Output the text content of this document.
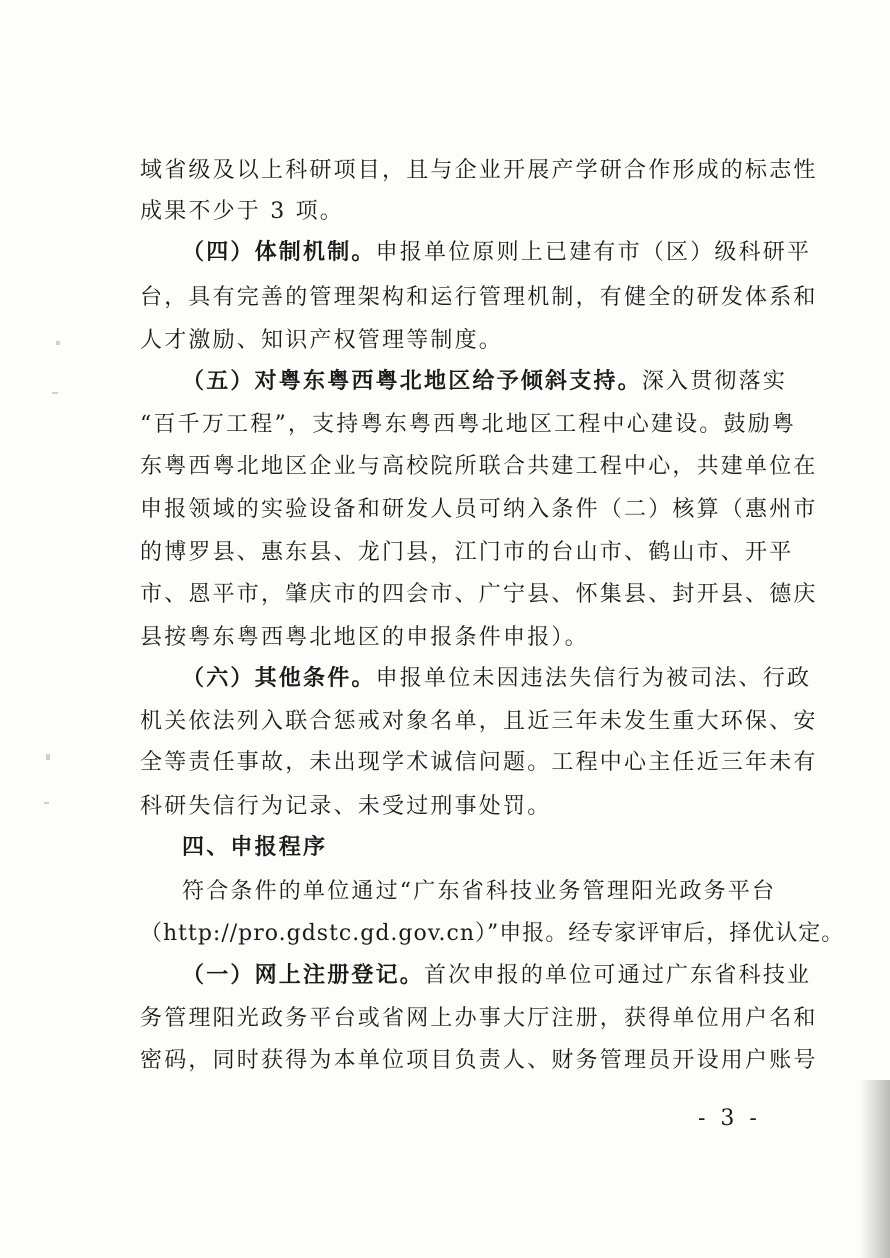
域省级及以上科研项目，且与企业开展产学研合作形成的标志性
成果不少于 3 项。
（四）体制机制。申报单位原则上已建有市（区）级科研平
台，具有完善的管理架构和运行管理机制，有健全的研发体系和
人才激励、知识产权管理等制度。
（五）对粤东粤西粤北地区给予倾斜支持。深入贯彻落实
“百千万工程”，支持粤东粤西粤北地区工程中心建设。鼓励粤
东粤西粤北地区企业与高校院所联合共建工程中心，共建单位在
申报领域的实验设备和研发人员可纳入条件（二）核算（惠州市
的博罗县、惠东县、龙门县，江门市的台山市、鹤山市、开平
市、恩平市，肇庆市的四会市、广宁县、怀集县、封开县、德庆
县按粤东粤西粤北地区的申报条件申报）。
（六）其他条件。申报单位未因违法失信行为被司法、行政
机关依法列入联合惩戒对象名单，且近三年未发生重大环保、安
全等责任事故，未出现学术诚信问题。工程中心主任近三年未有
科研失信行为记录、未受过刑事处罚。
四、申报程序
符合条件的单位通过“广东省科技业务管理阳光政务平台
（http://pro.gdstc.gd.gov.cn）”申报。经专家评审后，择优认定。
（一）网上注册登记。首次申报的单位可通过广东省科技业
务管理阳光政务平台或省网上办事大厅注册，获得单位用户名和
密码，同时获得为本单位项目负责人、财务管理员开设用户账号
- 3 -
